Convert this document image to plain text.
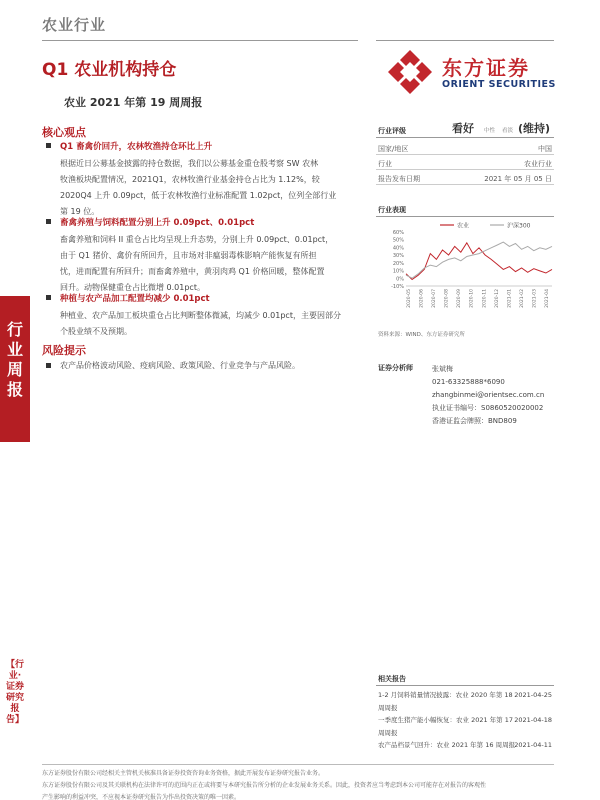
农业行业
Q1 农业机构持仓
农业 2021 年第 19 周周报
东方证券
ORIENT SECURITIES
核心观点
Q1 畜禽价回升，农林牧渔持仓环比上升
根据近日公募基金披露的持仓数据，我们以公募基金重仓股考察 SW 农林
牧渔板块配置情况，2021Q1，农林牧渔行业基金持仓占比为 1.12%，较
2020Q4 上升 0.09pct，低于农林牧渔行业标准配置 1.02pct，位列全部行业
第 19 位。
畜禽养殖与饲料配置分别上升 0.09pct、0.01pct
畜禽养殖和饲料 II 重仓占比均呈现上升态势，分别上升 0.09pct、0.01pct，
由于 Q1 猪价、禽价有所回升，且市场对非瘟弱毒株影响产能恢复有所担
忧，进而配置有所回升；而畜禽养殖中，黄羽肉鸡 Q1 价格回暖，整体配置
回升。动物保健重仓占比微增 0.01pct。
种植与农产品加工配置均减少 0.01pct
种植业、农产品加工板块重仓占比判断整体微减，均减少 0.01pct，主要因部分
个股业绩不及预期。
风险提示
农产品价格波动风险、疫病风险、政策风险、行业竞争与产品风险。
行业周报
【行业·证券研究报告】
行业评级	看好 中性 看淡 (维持)
国家/地区	中国
行业	农业行业
报告发布日期	2021 年 05 月 05 日
行业表现
农业	沪深300
60%
50%
40%
30%
20%
10%
0%
-10%
2020-05 2020-06 2020-07 2020-08 2020-09 2020-10 2020-11 2020-12 2021-01 2021-02 2021-03 2021-04
资料来源：WIND、东方证券研究所
证券分析师	张斌梅
021-63325888*6090
zhangbinmei@orientsec.com.cn
执业证书编号：S0860520020002
香港证监会牌照：BND809
相关报告
1-2 月饲料销量情况披露：农业 2020 年第 18 周周报
2021-04-25
一季度生猪产能小幅恢复：农业 2021 年第 17 周周报
2021-04-18
农产品档景气回升：农业 2021 年第 16 周周报 2021-04-11
东方证券股份有限公司经相关主管机关核准具备证券投资咨询业务资格，据此开展发布证券研究报告业务。
东方证券股份有限公司及其关联机构在法律许可的范围内正在或将要与本研究报告所分析的企业发展业务关系。因此，投资者应当考虑到本公司可能存在对报告的客观性
产生影响的利益冲突，不应视本证券研究报告为作出投资决策的唯一因素。
